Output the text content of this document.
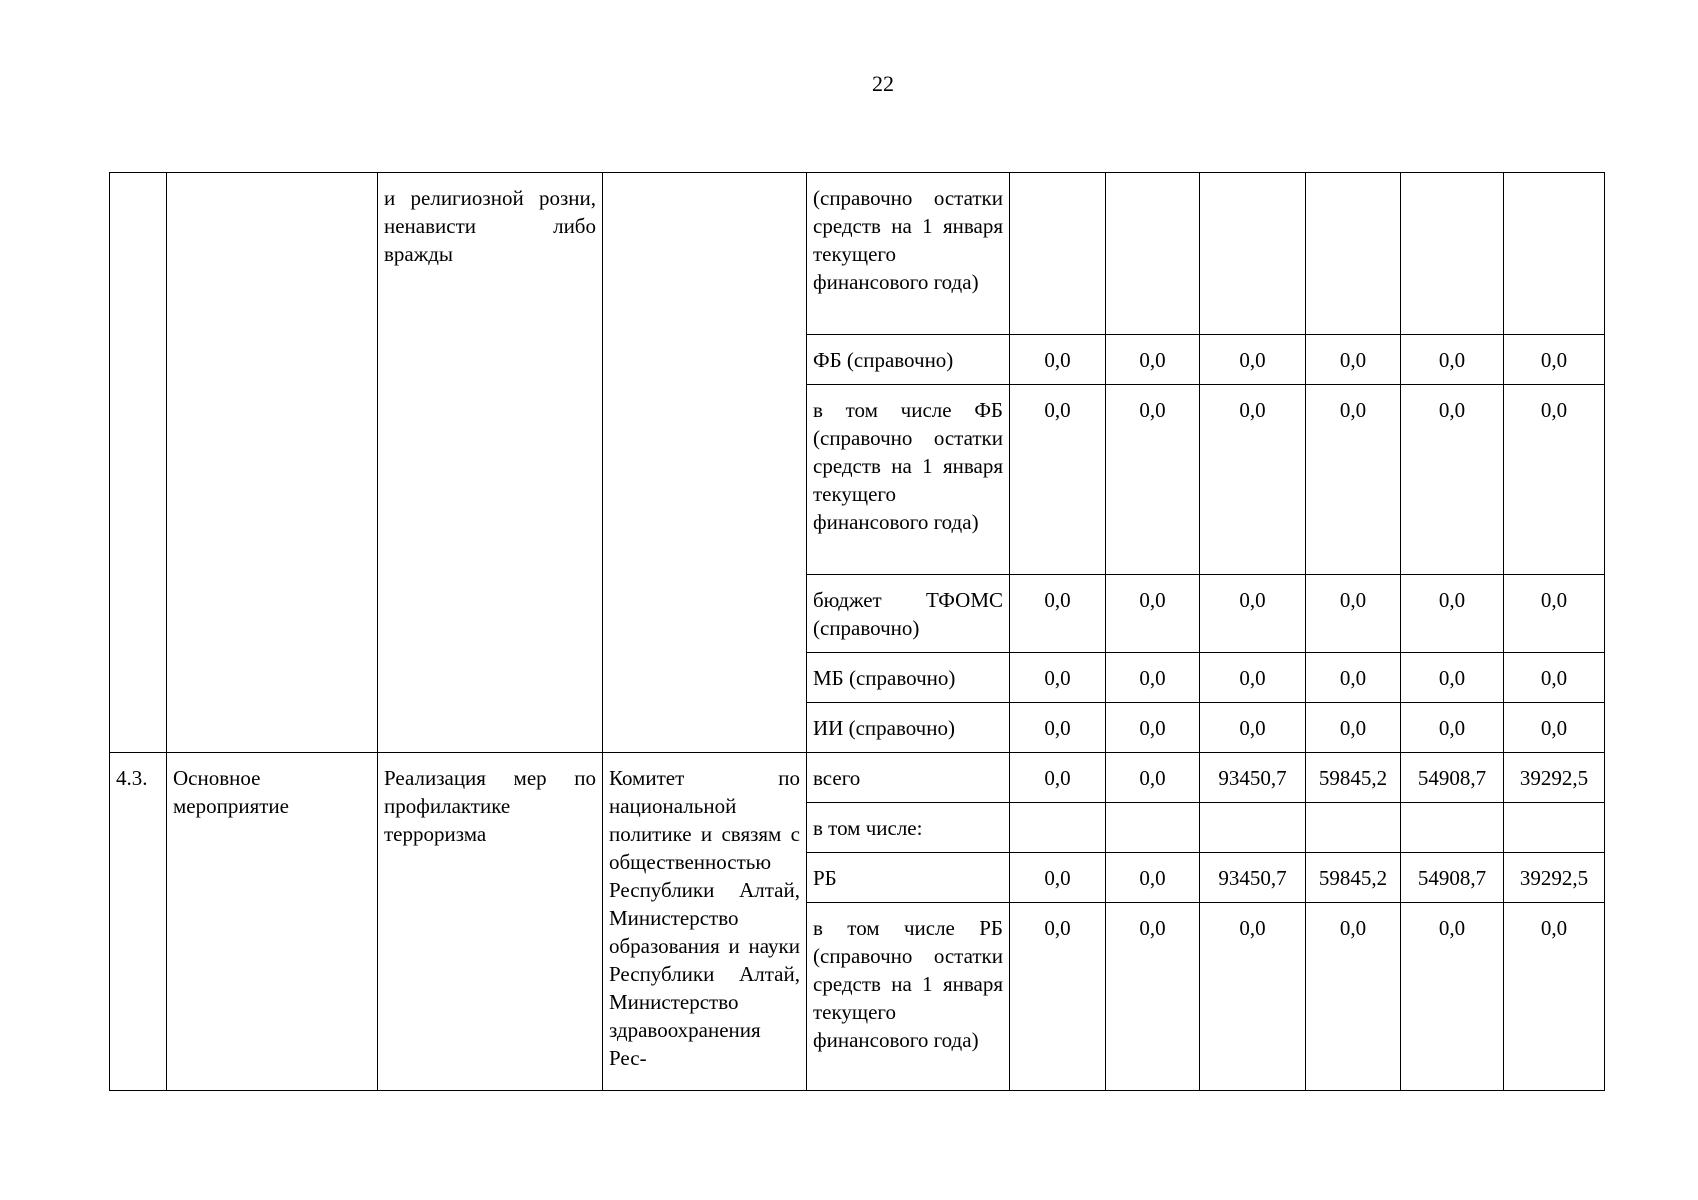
22
		и религиозной розни, ненависти либо вражды		(справочно остатки средств на 1 января текущего финансового года)						
				ФБ (справочно)	0,0	0,0	0,0	0,0	0,0	0,0
				в том числе ФБ (справочно остатки средств на 1 января текущего финансового года)	0,0	0,0	0,0	0,0	0,0	0,0
				бюджет ТФОМС (справочно)	0,0	0,0	0,0	0,0	0,0	0,0
				МБ (справочно)	0,0	0,0	0,0	0,0	0,0	0,0
				ИИ (справочно)	0,0	0,0	0,0	0,0	0,0	0,0
4.3.	Основное мероприятие	Реализация мер по профилактике терроризма	Комитет по национальной политике и связям с общественностью Республики Алтай, Министерство образования и науки Республики Алтай, Министерство здравоохранения Рес-	всего	0,0	0,0	93450,7	59845,2	54908,7	39292,5
				в том числе:						
				РБ	0,0	0,0	93450,7	59845,2	54908,7	39292,5
				в том числе РБ (справочно остатки средств на 1 января текущего финансового года)	0,0	0,0	0,0	0,0	0,0	0,0
